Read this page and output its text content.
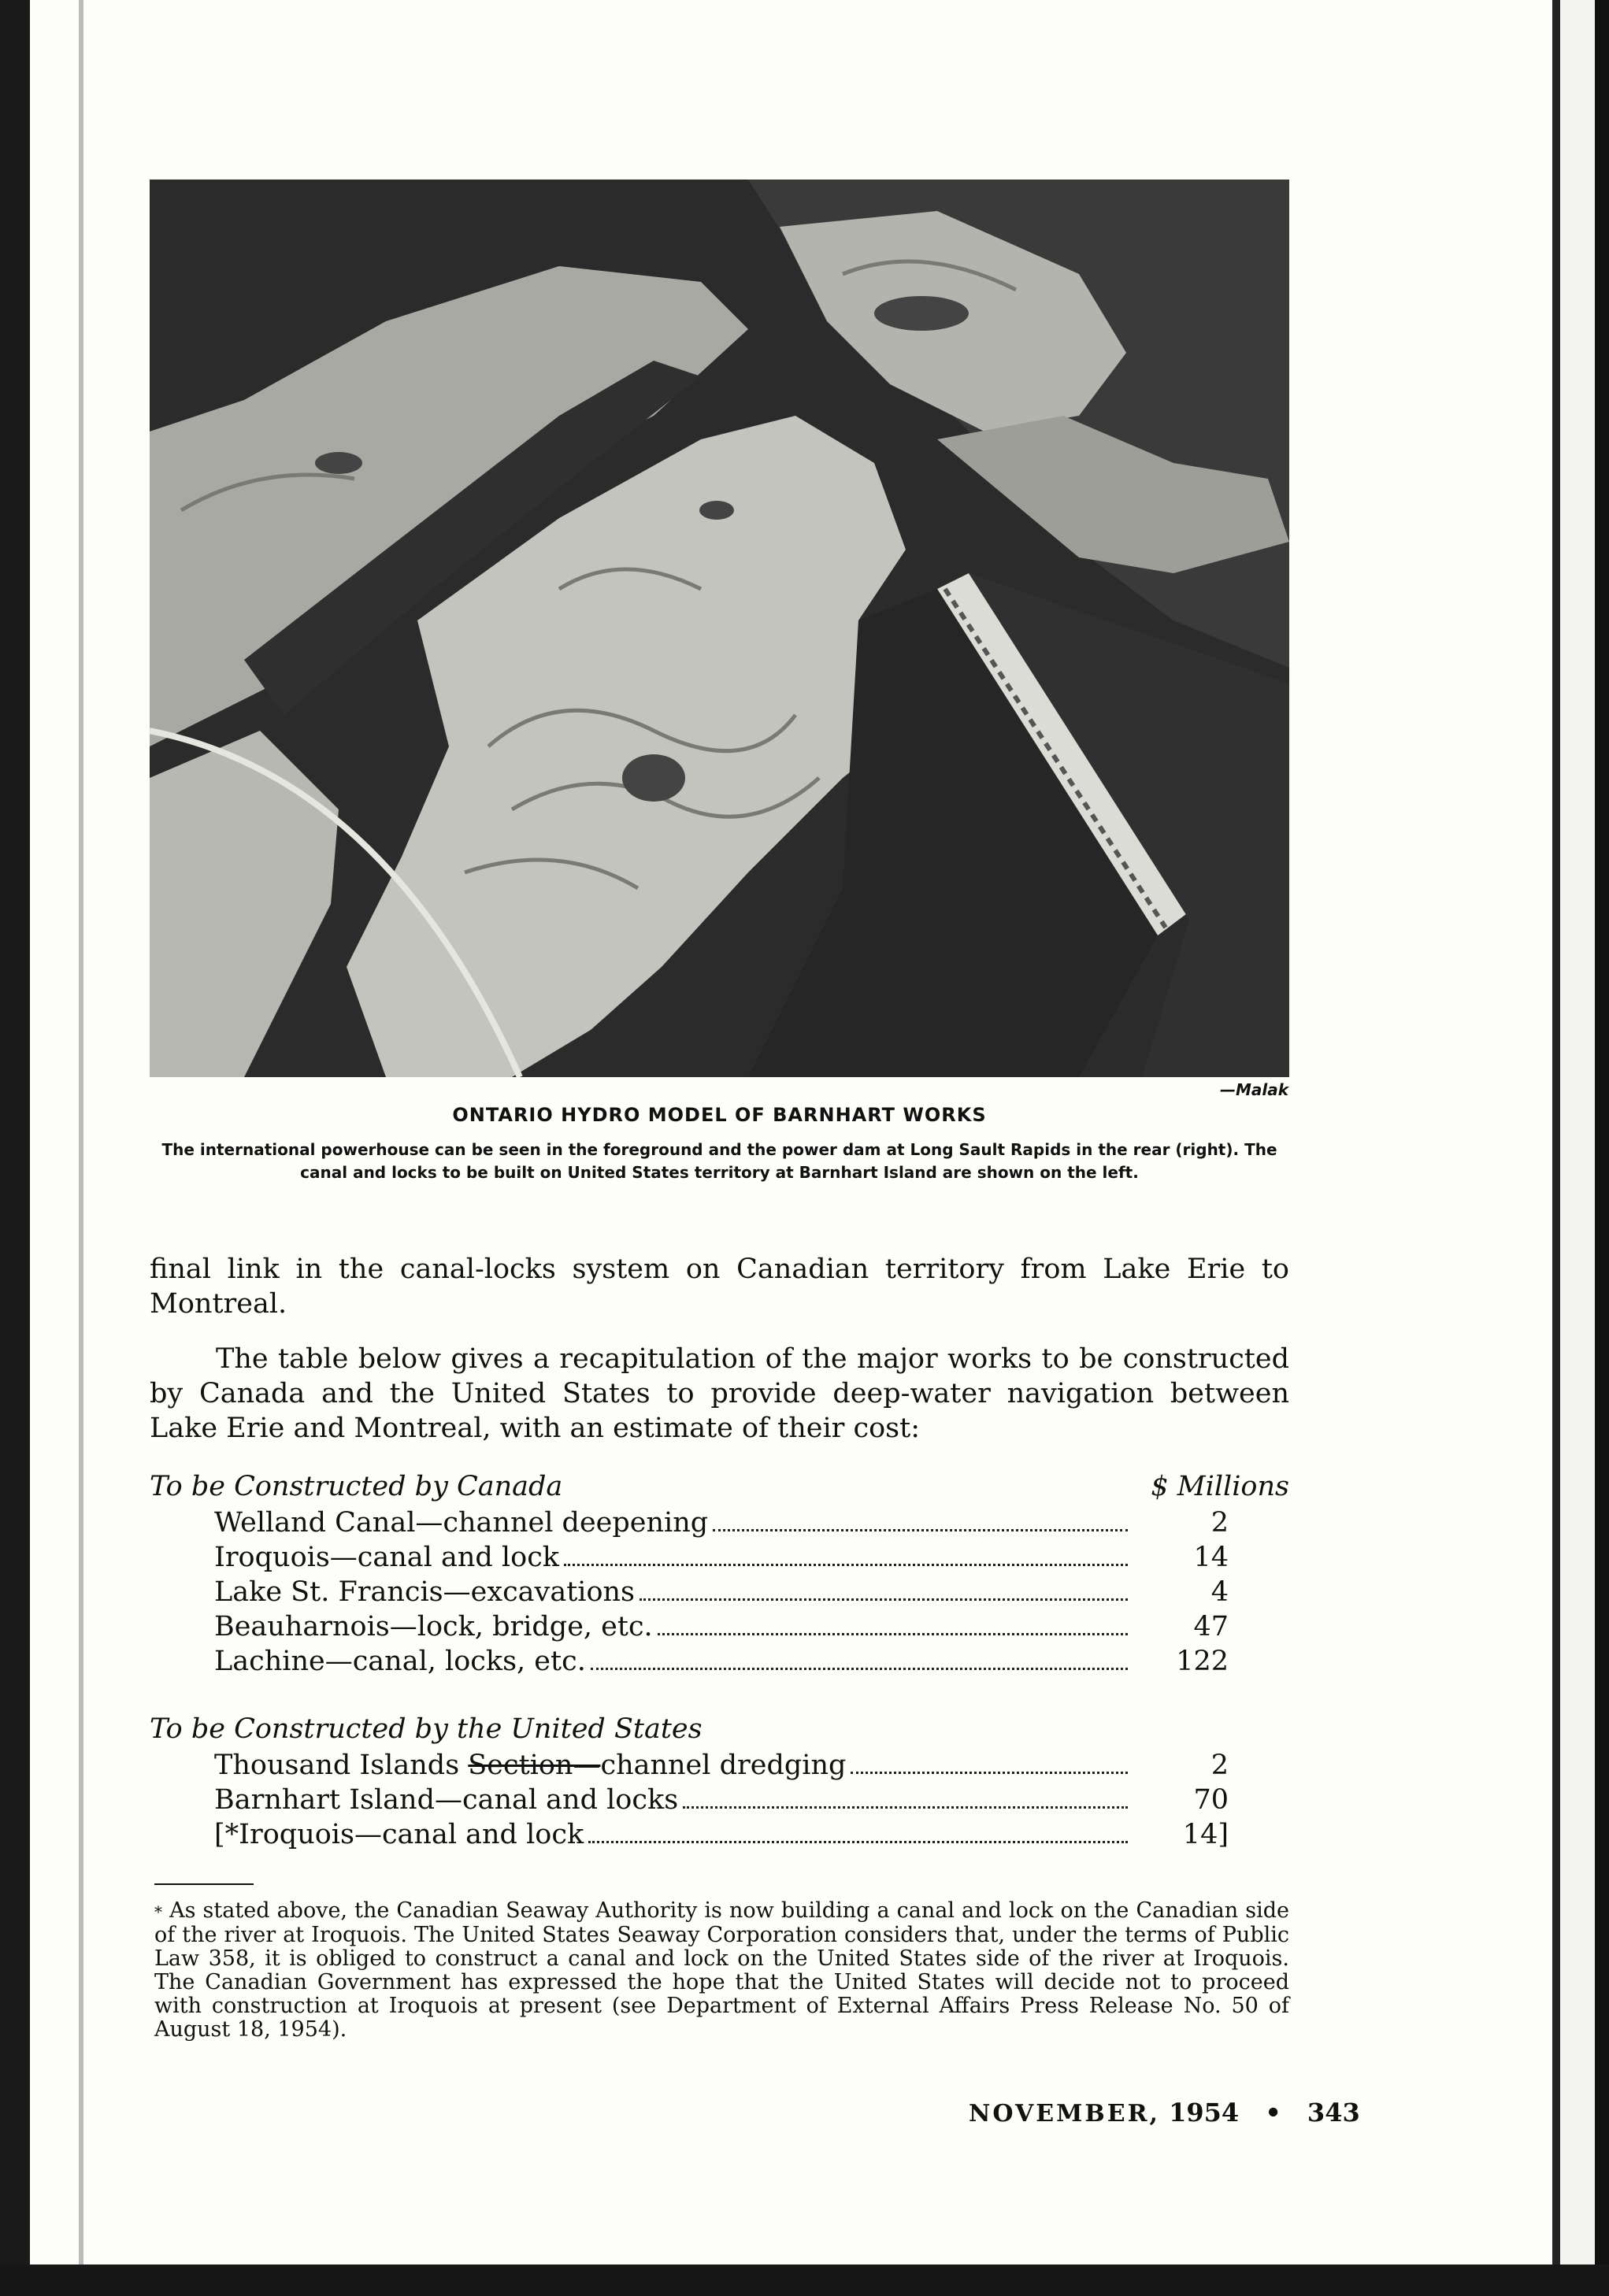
—Malak
ONTARIO HYDRO MODEL OF BARNHART WORKS
The international powerhouse can be seen in the foreground and the power dam at Long Sault Rapids in the rear (right). The canal and locks to be built on United States territory at Barnhart Island are shown on the left.
final link in the canal-locks system on Canadian territory from Lake Erie to Montreal.
The table below gives a recapitulation of the major works to be constructed by Canada and the United States to provide deep-water navigation between Lake Erie and Montreal, with an estimate of their cost:
To be Constructed by Canada	$ Millions
Welland Canal—channel deepening	2
Iroquois—canal and lock	14
Lake St. Francis—excavations	4
Beauharnois—lock, bridge, etc.	47
Lachine—canal, locks, etc.	122
To be Constructed by the United States
Thousand Islands Section—channel dredging	2
Barnhart Island—canal and locks	70
[*Iroquois—canal and lock	14]
* As stated above, the Canadian Seaway Authority is now building a canal and lock on the Canadian side of the river at Iroquois. The United States Seaway Corporation considers that, under the terms of Public Law 358, it is obliged to construct a canal and lock on the United States side of the river at Iroquois. The Canadian Government has expressed the hope that the United States will decide not to proceed with construction at Iroquois at present (see Department of External Affairs Press Release No. 50 of August 18, 1954).
NOVEMBER, 1954 • 343
